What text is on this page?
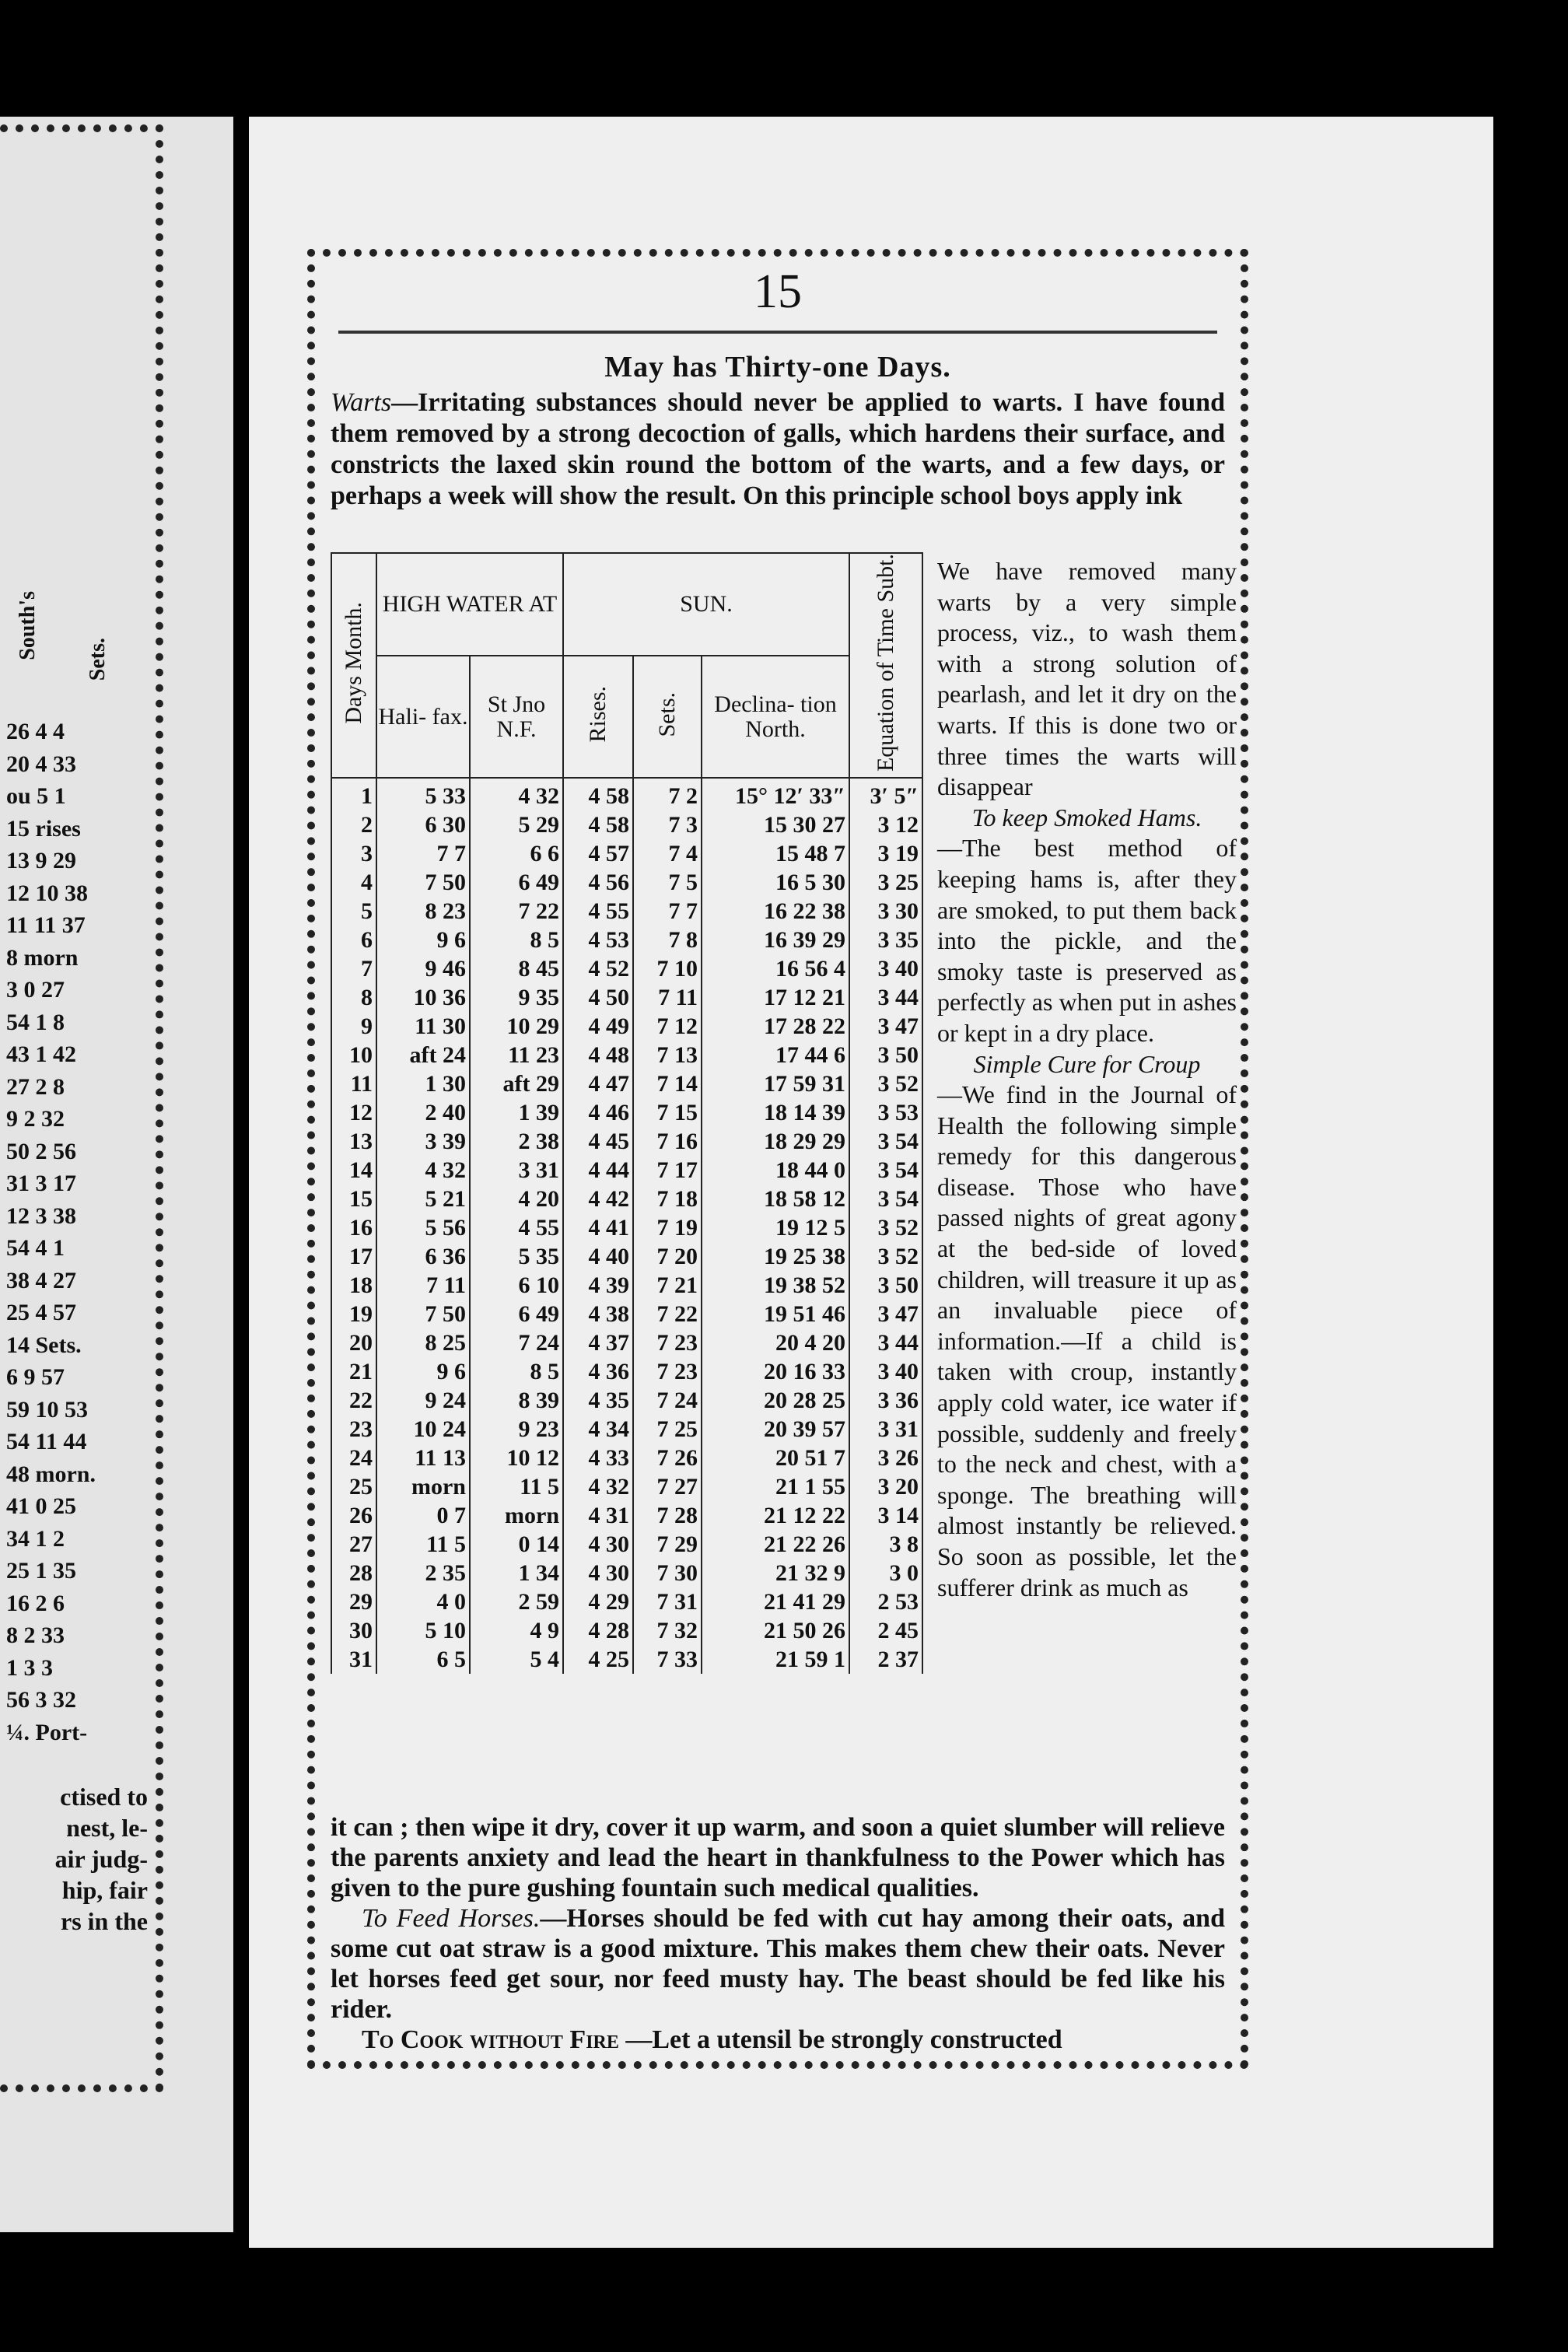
South's Sets.
26 4 4
20 4 33
ou 5 1
15 rises
13 9 29
12 10 38
11 11 37
8 morn
3 0 27
54 1 8
43 1 42
27 2 8
9 2 32
50 2 56
31 3 17
12 3 38
54 4 1
38 4 27
25 4 57
14 Sets.
6 9 57
59 10 53
54 11 44
48 morn.
41 0 25
34 1 2
25 1 35
16 2 6
8 2 33
1 3 3
56 3 32
¼. Port-
ctised to
nest, le-
air judg-
hip, fair
rs in the
15
May has Thirty-one Days.
Warts—Irritating substances should never be applied to warts. I have found them removed by a strong decoction of galls, which hardens their surface, and constricts the laxed skin round the bottom of the warts, and a few days, or perhaps a week will show the result. On this principle school boys apply ink
Days Month.	HIGH WATER AT		SUN.			Equation of Time Subt.
	Hali- fax.	St Jno N.F.	Rises.	Sets.	Declina- tion North.	
1	5 33	4 32	4 58	7 2	15° 12′ 33″	3′ 5″
2	6 30	5 29	4 58	7 3	15 30 27	3 12
3	7 7	6 6	4 57	7 4	15 48 7	3 19
4	7 50	6 49	4 56	7 5	16 5 30	3 25
5	8 23	7 22	4 55	7 7	16 22 38	3 30
6	9 6	8 5	4 53	7 8	16 39 29	3 35
7	9 46	8 45	4 52	7 10	16 56 4	3 40
8	10 36	9 35	4 50	7 11	17 12 21	3 44
9	11 30	10 29	4 49	7 12	17 28 22	3 47
10	aft 24	11 23	4 48	7 13	17 44 6	3 50
11	1 30	aft 29	4 47	7 14	17 59 31	3 52
12	2 40	1 39	4 46	7 15	18 14 39	3 53
13	3 39	2 38	4 45	7 16	18 29 29	3 54
14	4 32	3 31	4 44	7 17	18 44 0	3 54
15	5 21	4 20	4 42	7 18	18 58 12	3 54
16	5 56	4 55	4 41	7 19	19 12 5	3 52
17	6 36	5 35	4 40	7 20	19 25 38	3 52
18	7 11	6 10	4 39	7 21	19 38 52	3 50
19	7 50	6 49	4 38	7 22	19 51 46	3 47
20	8 25	7 24	4 37	7 23	20 4 20	3 44
21	9 6	8 5	4 36	7 23	20 16 33	3 40
22	9 24	8 39	4 35	7 24	20 28 25	3 36
23	10 24	9 23	4 34	7 25	20 39 57	3 31
24	11 13	10 12	4 33	7 26	20 51 7	3 26
25	morn	11 5	4 32	7 27	21 1 55	3 20
26	0 7	morn	4 31	7 28	21 12 22	3 14
27	11 5	0 14	4 30	7 29	21 22 26	3 8
28	2 35	1 34	4 30	7 30	21 32 9	3 0
29	4 0	2 59	4 29	7 31	21 41 29	2 53
30	5 10	4 9	4 28	7 32	21 50 26	2 45
31	6 5	5 4	4 25	7 33	21 59 1	2 37
We have removed many warts by a very simple process, viz., to wash them with a strong solution of pearlash, and let it dry on the warts. If this is done two or three times the warts will disappear
To keep Smoked Hams.
—The best method of keeping hams is, after they are smoked, to put them back into the pickle, and the smoky taste is preserved as perfectly as when put in ashes or kept in a dry place.
Simple Cure for Croup
—We find in the Journal of Health the following simple remedy for this dangerous disease. Those who have passed nights of great agony at the bed-side of loved children, will treasure it up as an invaluable piece of information.—If a child is taken with croup, instantly apply cold water, ice water if possible, suddenly and freely to the neck and chest, with a sponge. The breathing will almost instantly be relieved. So soon as possible, let the sufferer drink as much as

it can ; then wipe it dry, cover it up warm, and soon a quiet slumber will relieve the parents anxiety and lead the heart in thankfulness to the Power which has given to the pure gushing fountain such medical qualities.

To Feed Horses.—Horses should be fed with cut hay among their oats, and some cut oat straw is a good mixture. This makes them chew their oats. Never let horses feed get sour, nor feed musty hay. The beast should be fed like his rider.

To Cook without Fire —Let a utensil be strongly constructed
